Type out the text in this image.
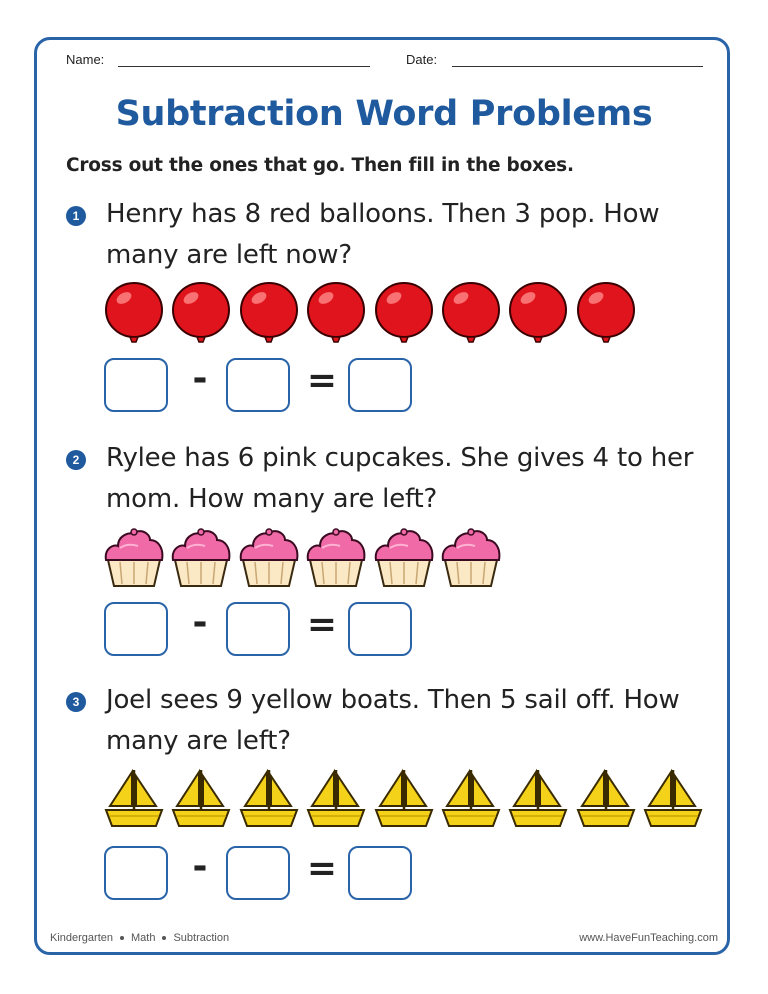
Name:	Date:
Subtraction Word Problems
Cross out the ones that go. Then fill in the boxes.
1 Henry has 8 red balloons. Then 3 pop. How many are left now?
-	=
2 Rylee has 6 pink cupcakes. She gives 4 to her mom. How many are left?
-	=
3 Joel sees 9 yellow boats. Then 5 sail off. How many are left?
-	=
Kindergarten Math Subtraction	www.HaveFunTeaching.com
